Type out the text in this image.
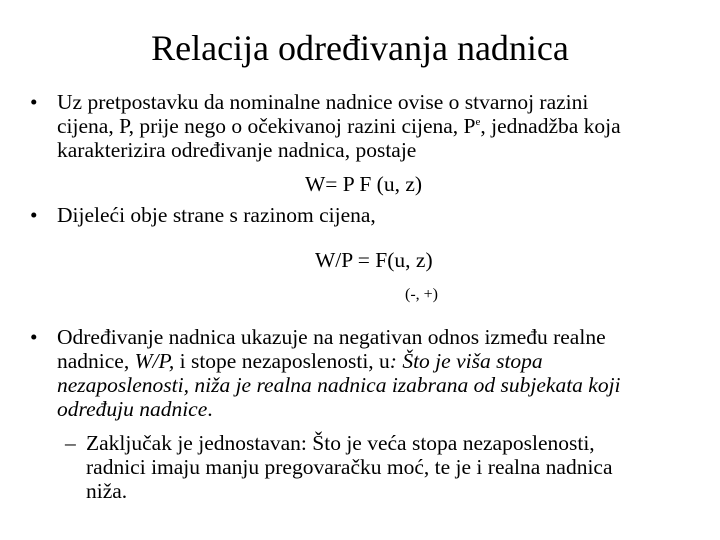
Relacija određivanja nadnica
• Uz pretpostavku da nominalne nadnice ovise o stvarnoj razini
cijena, P, prije nego o očekivanoj razini cijena, $P^e$, jednadžba koja
karakterizira određivanje nadnica, postaje
W= P F (u, z)
• Dijeleći obje strane s razinom cijena,
W/P = F(u, z)
(-, +)
• Određivanje nadnica ukazuje na negativan odnos između realne
nadnice, W/P, i stope nezaposlenosti, u: Što je viša stopa
nezaposlenosti, niža je realna nadnica izabrana od subjekata koji
određuju nadnice.
– Zaključak je jednostavan: Što je veća stopa nezaposlenosti,
radnici imaju manju pregovaračku moć, te je i realna nadnica
niža.
